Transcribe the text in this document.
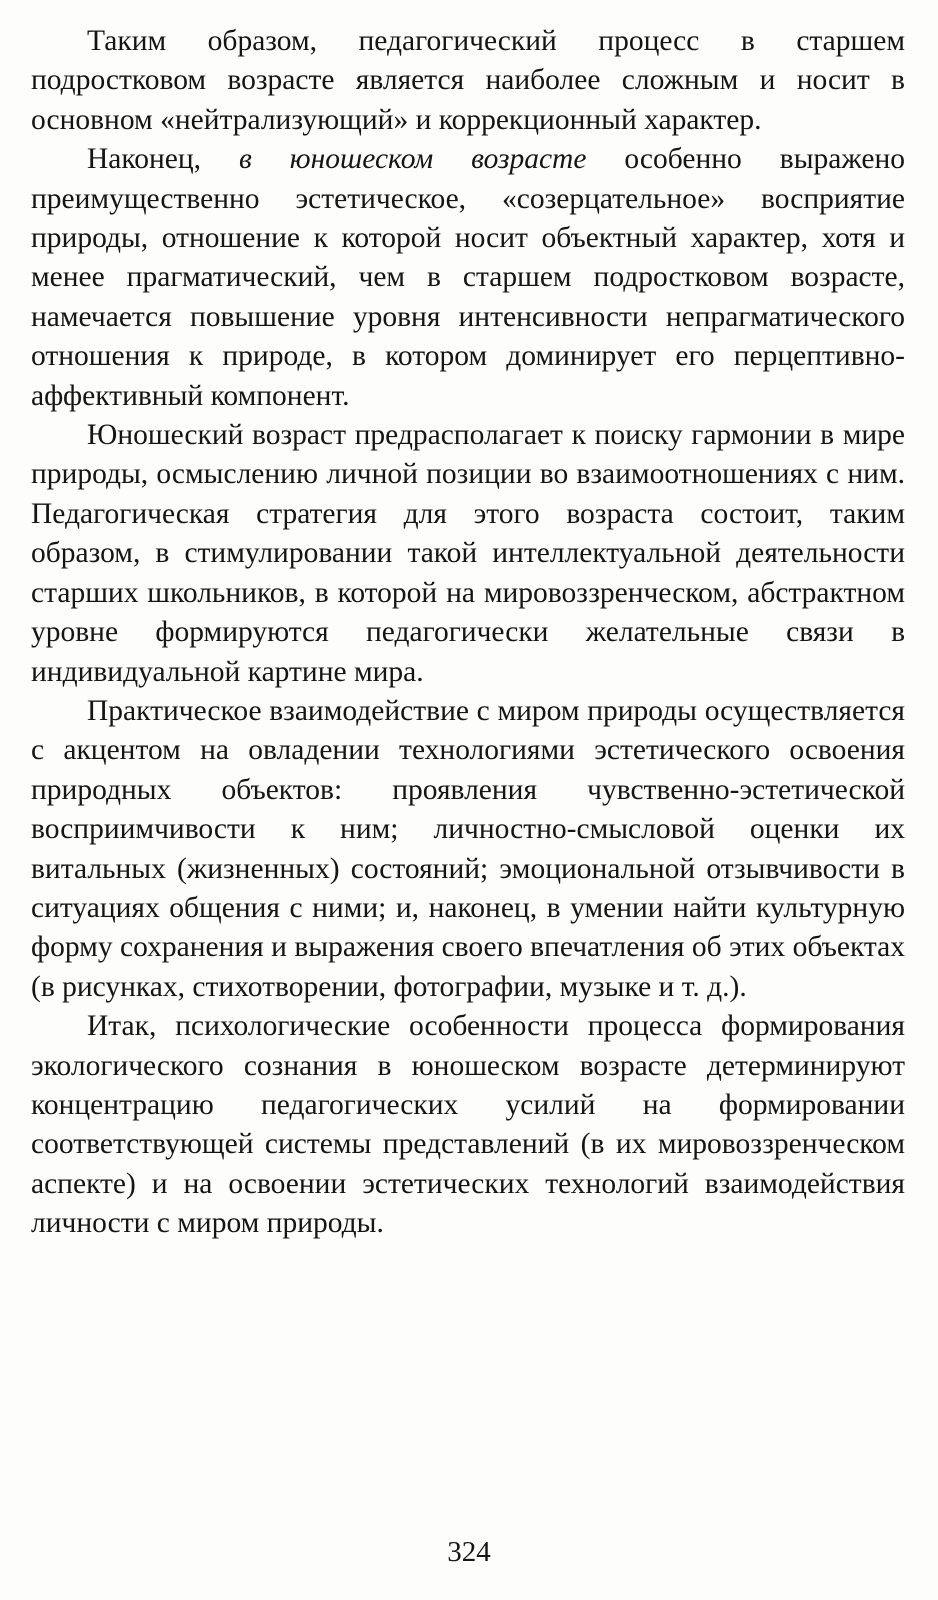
Таким образом, педагогический процесс в старшем подростковом возрасте является наиболее сложным и носит в основном «нейтрализующий» и коррекционный характер.

Наконец, в юношеском возрасте особенно выражено преимущественно эстетическое, «созерцательное» восприятие природы, отношение к которой носит объектный характер, хотя и менее прагматический, чем в старшем подростковом возрасте, намечается повышение уровня интенсивности непрагматического отношения к природе, в котором доминирует его перцептивно-аффективный компонент.

Юношеский возраст предрасполагает к поиску гармонии в мире природы, осмыслению личной позиции во взаимоотношениях с ним. Педагогическая стратегия для этого возраста состоит, таким образом, в стимулировании такой интеллектуальной деятельности старших школьников, в которой на мировоззренческом, абстрактном уровне формируются педагогически желательные связи в индивидуальной картине мира.

Практическое взаимодействие с миром природы осуществляется с акцентом на овладении технологиями эстетического освоения природных объектов: проявления чувственно-эстетической восприимчивости к ним; личностно-смысловой оценки их витальных (жизненных) состояний; эмоциональной отзывчивости в ситуациях общения с ними; и, наконец, в умении найти культурную форму сохранения и выражения своего впечатления об этих объектах (в рисунках, стихотворении, фотографии, музыке и т. д.).

Итак, психологические особенности процесса формирования экологического сознания в юношеском возрасте детерминируют концентрацию педагогических усилий на формировании соответствующей системы представлений (в их мировоззренческом аспекте) и на освоении эстетических технологий взаимодействия личности с миром природы.

324
